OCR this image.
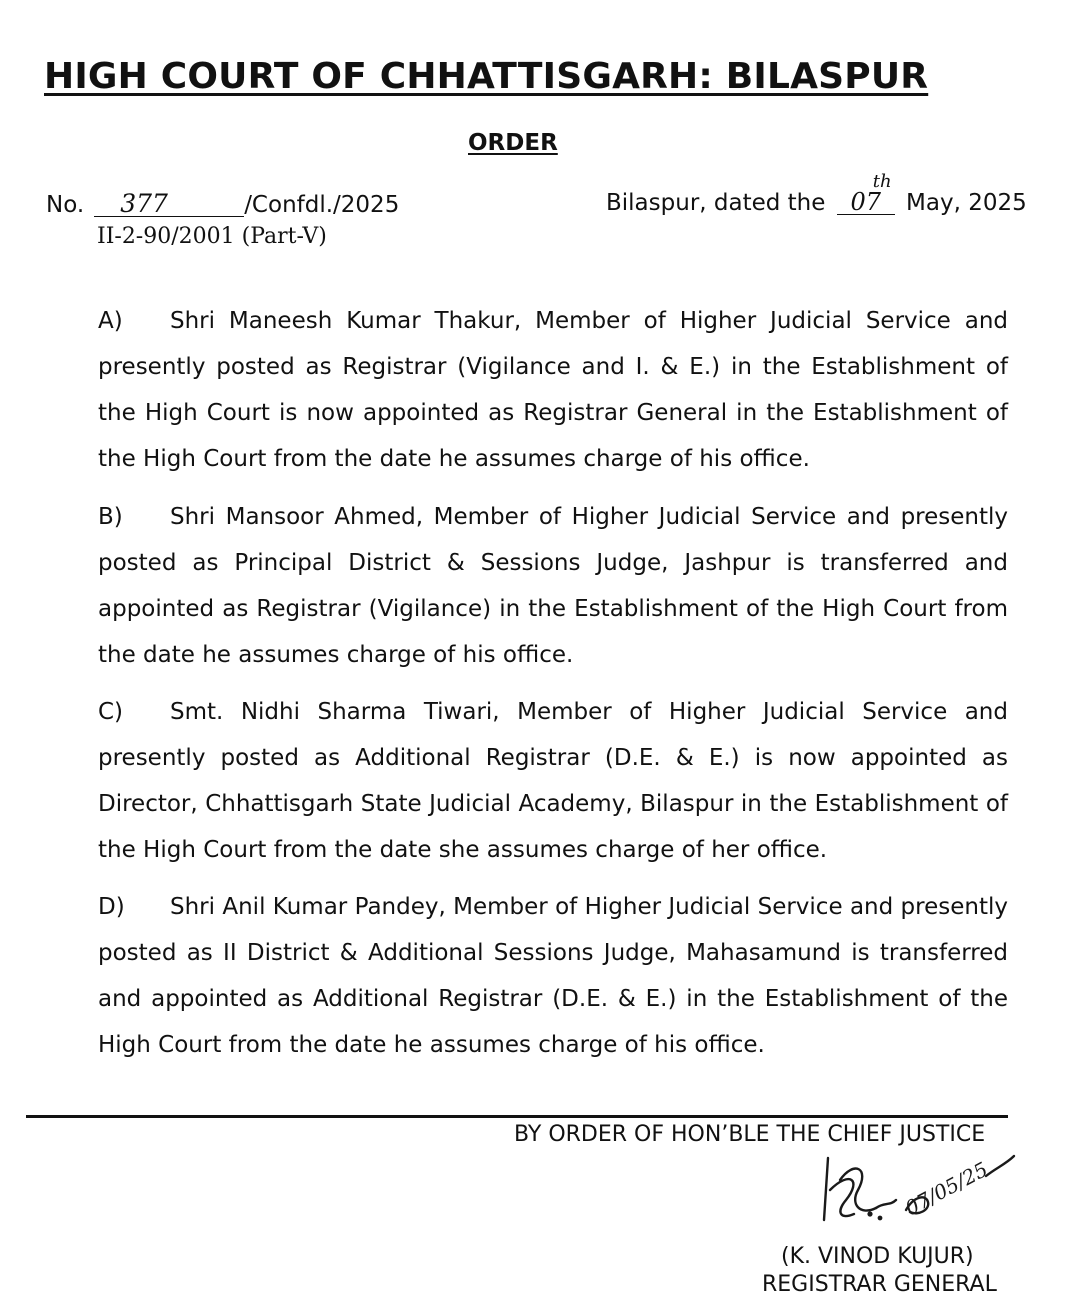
HIGH COURT OF CHHATTISGARH: BILASPUR
ORDER
No. 377	/Confdl./2025
II-2-90/2001 (Part-V)
Bilaspur, dated the 07
th
May, 2025
A) Shri Maneesh Kumar Thakur, Member of Higher Judicial Service and presently posted as Registrar (Vigilance and I. & E.) in the Establishment of the High Court is now appointed as Registrar General in the Establishment of the High Court from the date he assumes charge of his office.
B) Shri Mansoor Ahmed, Member of Higher Judicial Service and presently posted as Principal District & Sessions Judge, Jashpur is transferred and appointed as Registrar (Vigilance) in the Establishment of the High Court from the date he assumes charge of his office.
C) Smt. Nidhi Sharma Tiwari, Member of Higher Judicial Service and presently posted as Additional Registrar (D.E. & E.) is now appointed as Director, Chhattisgarh State Judicial Academy, Bilaspur in the Establishment of the High Court from the date she assumes charge of her office.
D) Shri Anil Kumar Pandey, Member of Higher Judicial Service and presently posted as II District & Additional Sessions Judge, Mahasamund is transferred and appointed as Additional Registrar (D.E. & E.) in the Establishment of the High Court from the date he assumes charge of his office.
BY ORDER OF HON’BLE THE CHIEF JUSTICE
07/05/25
(K. VINOD KUJUR)
REGISTRAR GENERAL
